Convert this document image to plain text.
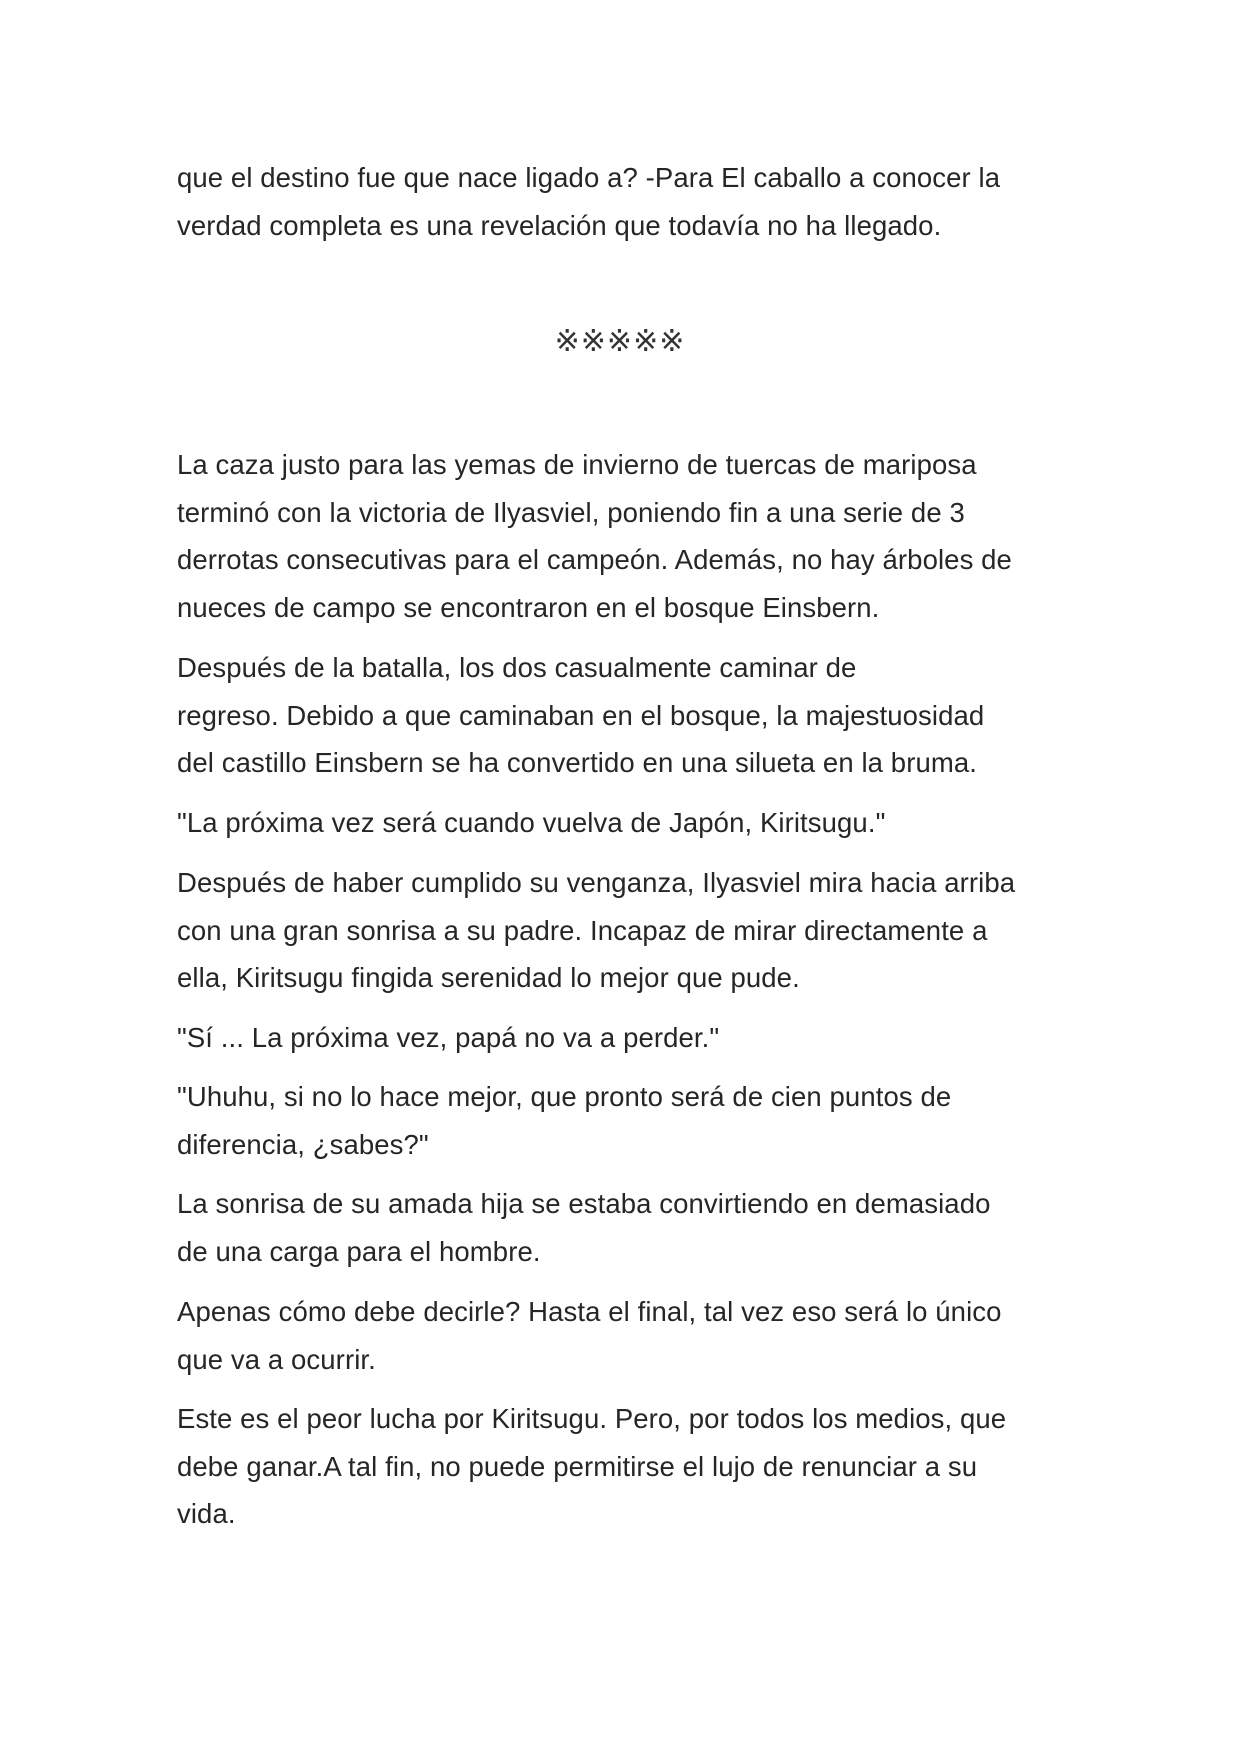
que el destino fue que nace ligado a? -Para El caballo a conocer la
verdad completa es una revelación que todavía no ha llegado.

※※※※※

La caza justo para las yemas de invierno de tuercas de mariposa
terminó con la victoria de Ilyasviel, poniendo fin a una serie de 3
derrotas consecutivas para el campeón. Además, no hay árboles de
nueces de campo se encontraron en el bosque Einsbern.

Después de la batalla, los dos casualmente caminar de
regreso. Debido a que caminaban en el bosque, la majestuosidad
del castillo Einsbern se ha convertido en una silueta en la bruma.

"La próxima vez será cuando vuelva de Japón, Kiritsugu."

Después de haber cumplido su venganza, Ilyasviel mira hacia arriba
con una gran sonrisa a su padre. Incapaz de mirar directamente a
ella, Kiritsugu fingida serenidad lo mejor que pude.

"Sí ... La próxima vez, papá no va a perder."

"Uhuhu, si no lo hace mejor, que pronto será de cien puntos de
diferencia, ¿sabes?"

La sonrisa de su amada hija se estaba convirtiendo en demasiado
de una carga para el hombre.

Apenas cómo debe decirle? Hasta el final, tal vez eso será lo único
que va a ocurrir.

Este es el peor lucha por Kiritsugu. Pero, por todos los medios, que
debe ganar.A tal fin, no puede permitirse el lujo de renunciar a su
vida.
